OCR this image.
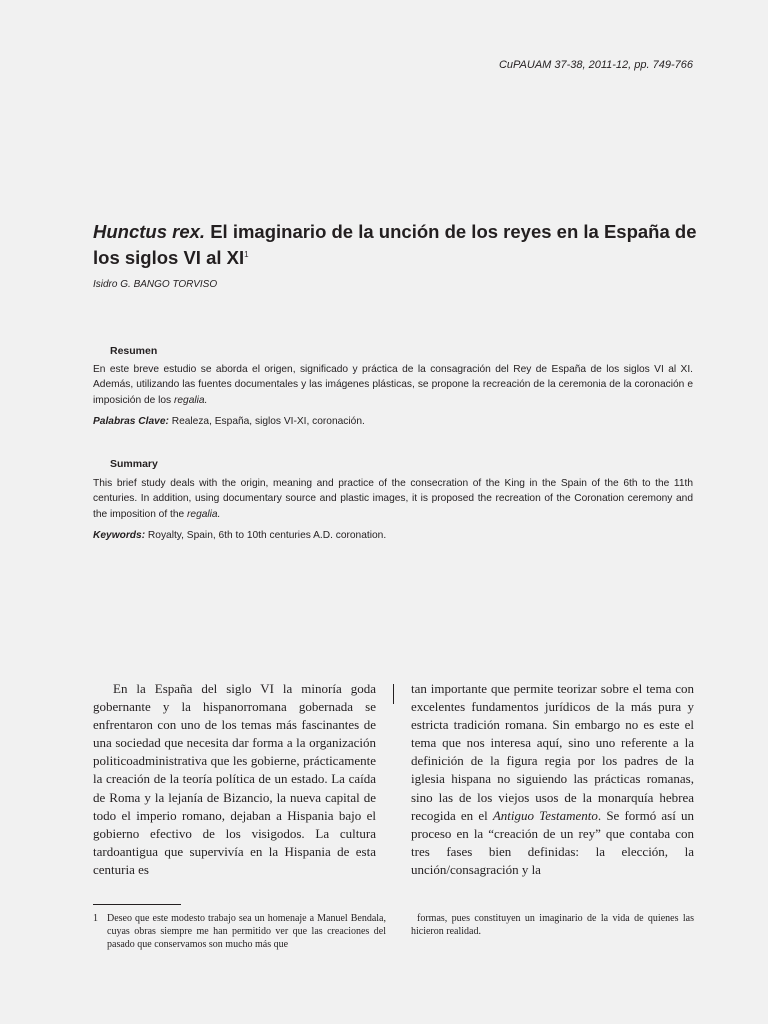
CuPAUAM 37-38, 2011-12, pp. 749-766
Hunctus rex. El imaginario de la unción de los reyes en la España de los siglos VI al $XI^1$
Isidro G. BANGO TORVISO
Resumen

En este breve estudio se aborda el origen, significado y práctica de la consagración del Rey de España de los siglos VI al XI. Además, utilizando las fuentes documentales y las imágenes plásticas, se propone la recreación de la ceremonia de la coronación e imposición de los regalia.

Palabras Clave: Realeza, España, siglos VI-XI, coronación.
Summary

This brief study deals with the origin, meaning and practice of the consecration of the King in the Spain of the 6th to the 11th centuries. In addition, using documentary source and plastic images, it is proposed the recreation of the Coronation ceremony and the imposition of the regalia.

Keywords: Royalty, Spain, 6th to 10th centuries A.D. coronation.

En la España del siglo VI la minoría goda gobernante y la hispanorromana gobernada se enfrentaron con uno de los temas más fascinantes de una sociedad que necesita dar forma a la organización politicoadministrativa que les gobierne, prácticamente la creación de la teoría política de un estado. La caída de Roma y la lejanía de Bizancio, la nueva capital de todo el imperio romano, dejaban a Hispania bajo el gobierno efectivo de los visigodos. La cultura tardoantigua que supervivía en la Hispania de esta centuria es

tan importante que permite teorizar sobre el tema con excelentes fundamentos jurídicos de la más pura y estricta tradición romana. Sin embargo no es este el tema que nos interesa aquí, sino uno referente a la definición de la figura regia por los padres de la iglesia hispana no siguiendo las prácticas romanas, sino las de los viejos usos de la monarquía hebrea recogida en el Antiguo Testamento. Se formó así un proceso en la “creación de un rey” que contaba con tres fases bien definidas: la elección, la unción/consagración y la

1 Deseo que este modesto trabajo sea un homenaje a Manuel Bendala, cuyas obras siempre me han permitido ver que las creaciones del pasado que conservamos son mucho más que
formas, pues constituyen un imaginario de la vida de quienes las hicieron realidad.
